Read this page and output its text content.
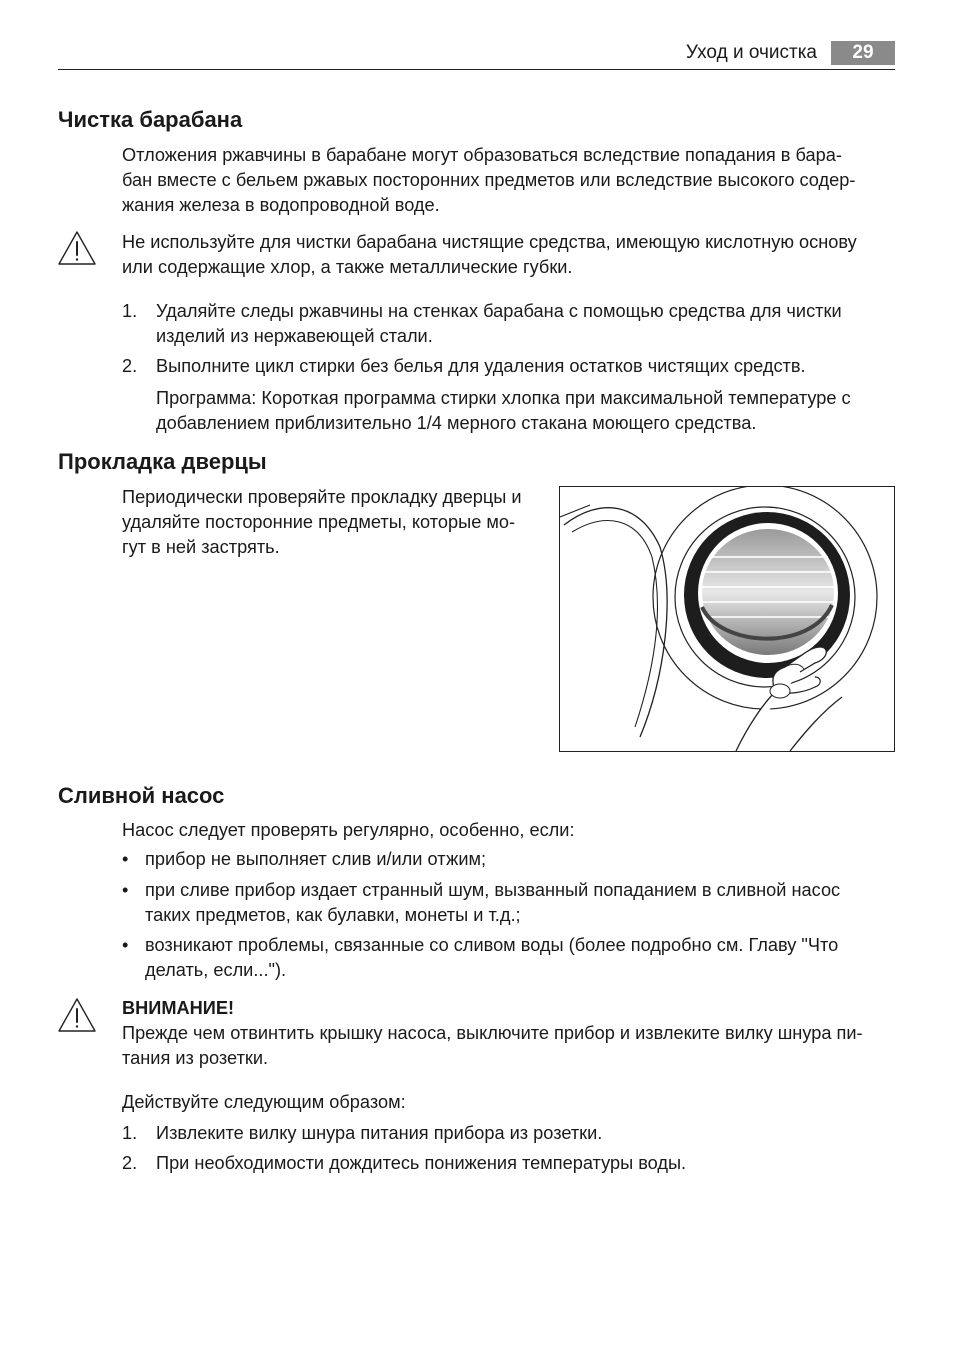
Уход и очистка	29
Чистка барабана
Отложения ржавчины в барабане могут образоваться вследствие попадания в бара-
бан вместе с бельем ржавых посторонних предметов или вследствие высокого содер-
жания железа в водопроводной воде.
Не используйте для чистки барабана чистящие средства, имеющую кислотную основу
или содержащие хлор, а также металлические губки.
1. Удаляйте следы ржавчины на стенках барабана с помощью средства для чистки
изделий из нержавеющей стали.
2. Выполните цикл стирки без белья для удаления остатков чистящих средств.
Программа: Короткая программа стирки хлопка при максимальной температуре с
добавлением приблизительно 1/4 мерного стакана моющего средства.
Прокладка дверцы
Периодически проверяйте прокладку дверцы и
удаляйте посторонние предметы, которые мо-
гут в ней застрять.
Сливной насос
Насос следует проверять регулярно, особенно, если:
• прибор не выполняет слив и/или отжим;
• при сливе прибор издает странный шум, вызванный попаданием в сливной насос
таких предметов, как булавки, монеты и т.д.;
• возникают проблемы, связанные со сливом воды (более подробно см. Главу "Что
делать, если...").
ВНИМАНИЕ!
Прежде чем отвинтить крышку насоса, выключите прибор и извлеките вилку шнура пи-
тания из розетки.
Действуйте следующим образом:
1. Извлеките вилку шнура питания прибора из розетки.
2. При необходимости дождитесь понижения температуры воды.
